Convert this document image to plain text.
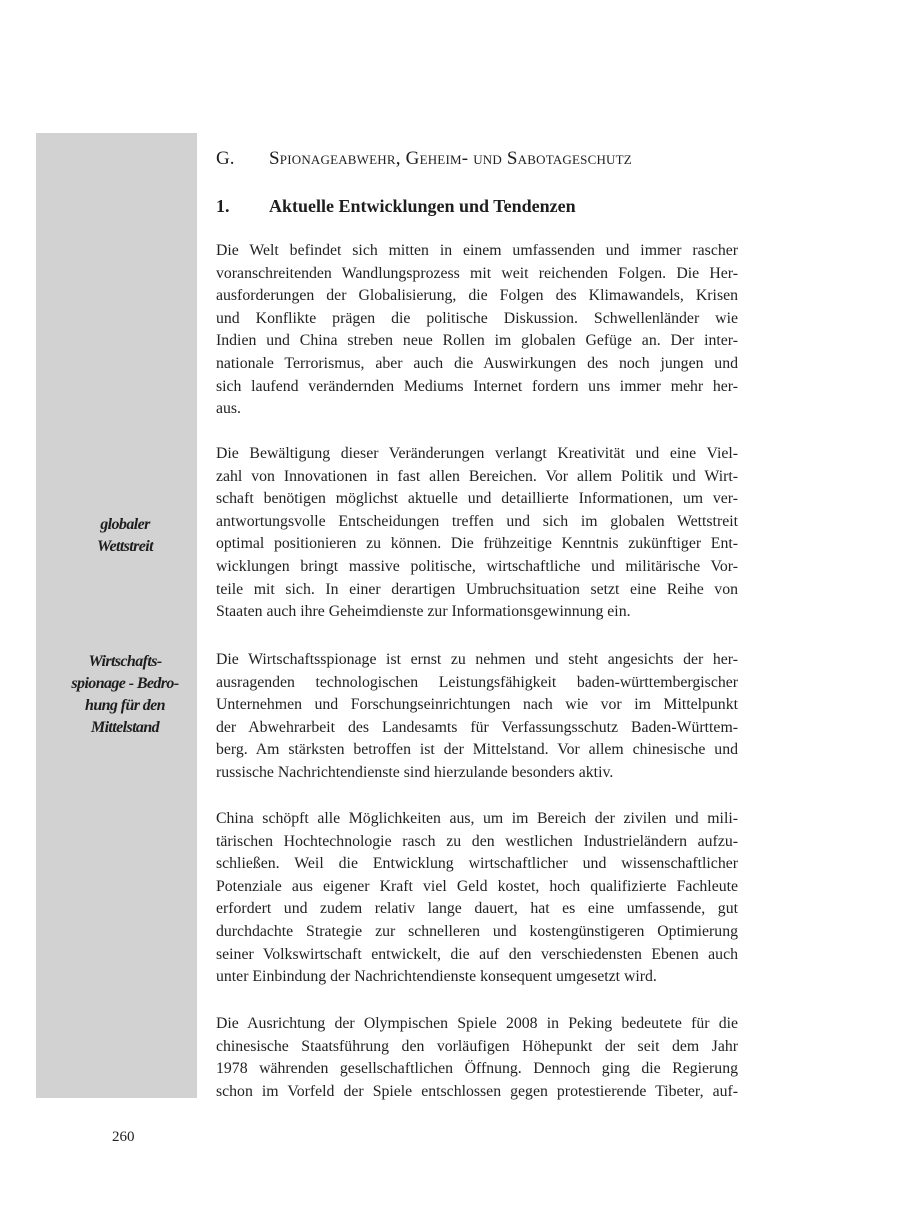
G. Spionageabwehr, Geheim- und Sabotageschutz
1. Aktuelle Entwicklungen und Tendenzen
globaler
Wettstreit
Wirtschafts-
spionage - Bedro-
hung für den
Mittelstand
Die Welt befindet sich mitten in einem umfassenden und immer rascher
voranschreitenden Wandlungsprozess mit weit reichenden Folgen. Die Her-
ausforderungen der Globalisierung, die Folgen des Klimawandels, Krisen
und Konflikte prägen die politische Diskussion. Schwellenländer wie
Indien und China streben neue Rollen im globalen Gefüge an. Der inter-
nationale Terrorismus, aber auch die Auswirkungen des noch jungen und
sich laufend verändernden Mediums Internet fordern uns immer mehr her-
aus.
Die Bewältigung dieser Veränderungen verlangt Kreativität und eine Viel-
zahl von Innovationen in fast allen Bereichen. Vor allem Politik und Wirt-
schaft benötigen möglichst aktuelle und detaillierte Informationen, um ver-
antwortungsvolle Entscheidungen treffen und sich im globalen Wettstreit
optimal positionieren zu können. Die frühzeitige Kenntnis zukünftiger Ent-
wicklungen bringt massive politische, wirtschaftliche und militärische Vor-
teile mit sich. In einer derartigen Umbruchsituation setzt eine Reihe von
Staaten auch ihre Geheimdienste zur Informationsgewinnung ein.
Die Wirtschaftsspionage ist ernst zu nehmen und steht angesichts der her-
ausragenden technologischen Leistungsfähigkeit baden-württembergischer
Unternehmen und Forschungseinrichtungen nach wie vor im Mittelpunkt
der Abwehrarbeit des Landesamts für Verfassungsschutz Baden-Württem-
berg. Am stärksten betroffen ist der Mittelstand. Vor allem chinesische und
russische Nachrichtendienste sind hierzulande besonders aktiv.
China schöpft alle Möglichkeiten aus, um im Bereich der zivilen und mili-
tärischen Hochtechnologie rasch zu den westlichen Industrieländern aufzu-
schließen. Weil die Entwicklung wirtschaftlicher und wissenschaftlicher
Potenziale aus eigener Kraft viel Geld kostet, hoch qualifizierte Fachleute
erfordert und zudem relativ lange dauert, hat es eine umfassende, gut
durchdachte Strategie zur schnelleren und kostengünstigeren Optimierung
seiner Volkswirtschaft entwickelt, die auf den verschiedensten Ebenen auch
unter Einbindung der Nachrichtendienste konsequent umgesetzt wird.
Die Ausrichtung der Olympischen Spiele 2008 in Peking bedeutete für die
chinesische Staatsführung den vorläufigen Höhepunkt der seit dem Jahr
1978 währenden gesellschaftlichen Öffnung. Dennoch ging die Regierung
schon im Vorfeld der Spiele entschlossen gegen protestierende Tibeter, auf-
260
